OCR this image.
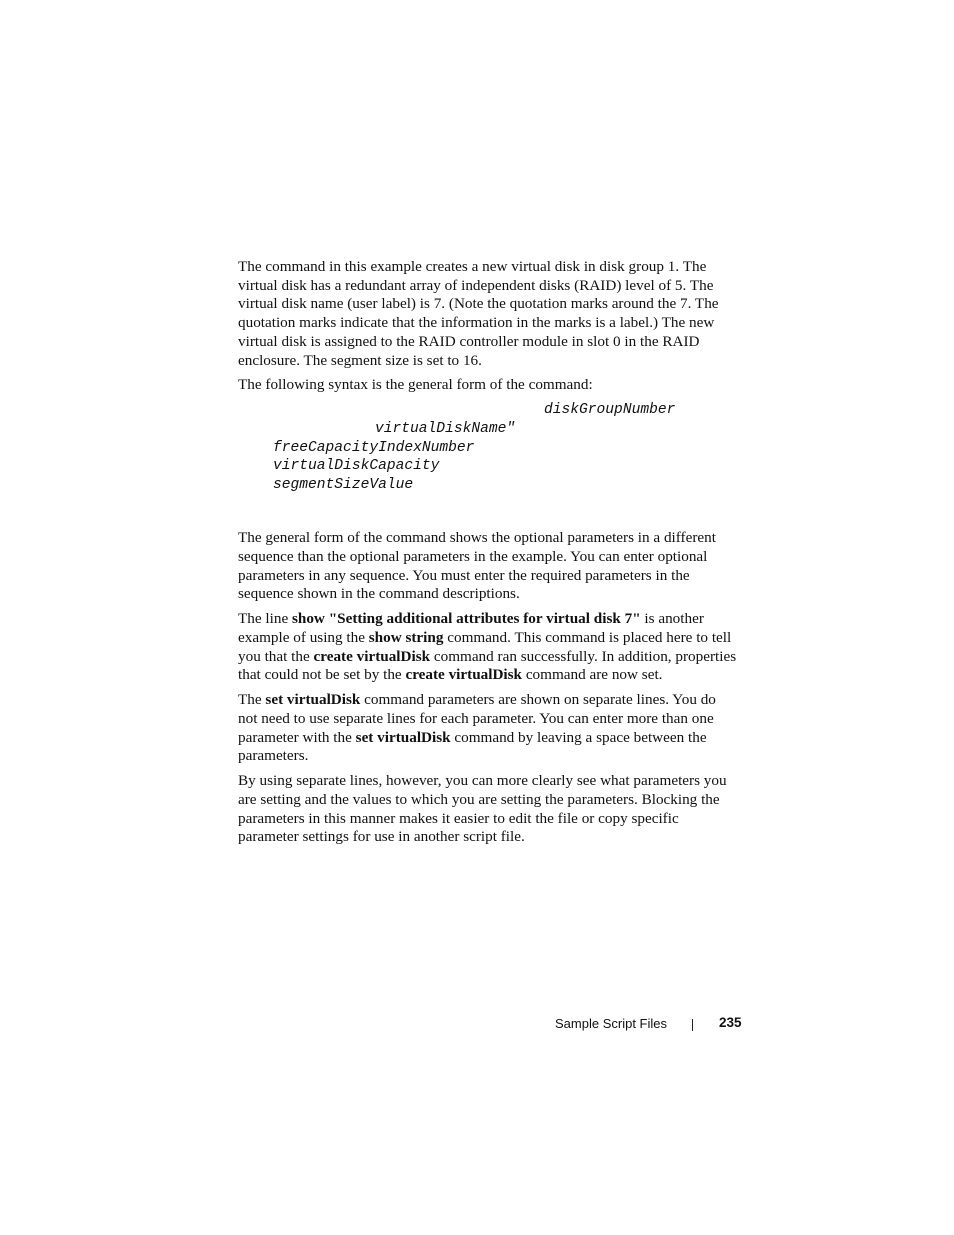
The command in this example creates a new virtual disk in disk group 1. The virtual disk has a redundant array of independent disks (RAID) level of 5. The virtual disk name (user label) is 7. (Note the quotation marks around the 7. The quotation marks indicate that the information in the marks is a label.) The new virtual disk is assigned to the RAID controller module in slot 0 in the RAID enclosure. The segment size is set to 16.

The following syntax is the general form of the command:

diskGroupNumber

virtualDiskName"

freeCapacityIndexNumber

virtualDiskCapacity

segmentSizeValue

The general form of the command shows the optional parameters in a different sequence than the optional parameters in the example. You can enter optional parameters in any sequence. You must enter the required parameters in the sequence shown in the command descriptions.

The line show "Setting additional attributes for virtual disk 7" is another example of using the show string command. This command is placed here to tell you that the create virtualDisk command ran successfully. In addition, properties that could not be set by the create virtualDisk command are now set.

The set virtualDisk command parameters are shown on separate lines. You do not need to use separate lines for each parameter. You can enter more than one parameter with the set virtualDisk command by leaving a space between the parameters.

By using separate lines, however, you can more clearly see what parameters you are setting and the values to which you are setting the parameters. Blocking the parameters in this manner makes it easier to edit the file or copy specific parameter settings for use in another script file.

Sample Script Files	235
